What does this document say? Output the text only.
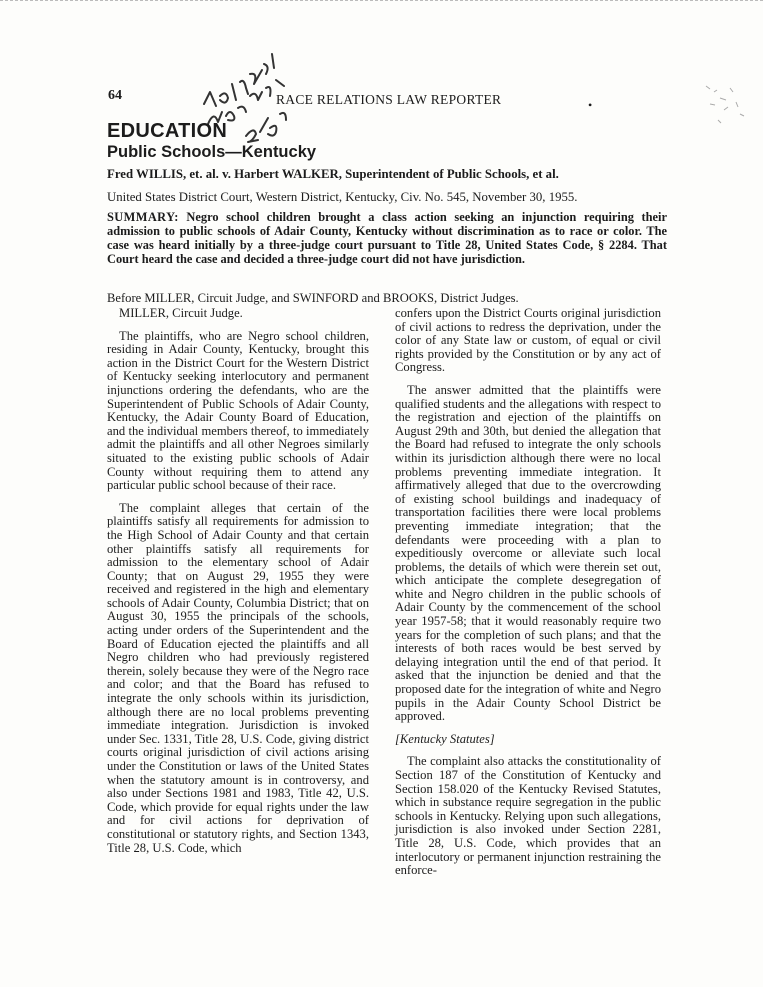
64	RACE RELATIONS LAW REPORTER	•
EDUCATION
Public Schools—Kentucky
Fred WILLIS, et. al. v. Harbert WALKER, Superintendent of Public Schools, et al.
United States District Court, Western District, Kentucky, Civ. No. 545, November 30, 1955.
SUMMARY: Negro school children brought a class action seeking an injunction requiring their admission to public schools of Adair County, Kentucky without discrimination as to race or color. The case was heard initially by a three-judge court pursuant to Title 28, United States Code, § 2284. That Court heard the case and decided a three-judge court did not have jurisdiction.
Before MILLER, Circuit Judge, and SWINFORD and BROOKS, District Judges.

MILLER, Circuit Judge.

The plaintiffs, who are Negro school children, residing in Adair County, Kentucky, brought this action in the District Court for the Western District of Kentucky seeking interlocutory and permanent injunctions ordering the defendants, who are the Superintendent of Public Schools of Adair County, Kentucky, the Adair County Board of Education, and the individual members thereof, to immediately admit the plaintiffs and all other Negroes similarly situated to the existing public schools of Adair County without requiring them to attend any particular public school because of their race.

The complaint alleges that certain of the plaintiffs satisfy all requirements for admission to the High School of Adair County and that certain other plaintiffs satisfy all requirements for admission to the elementary school of Adair County; that on August 29, 1955 they were received and registered in the high and elementary schools of Adair County, Columbia District; that on August 30, 1955 the principals of the schools, acting under orders of the Superintendent and the Board of Education ejected the plaintiffs and all Negro children who had previously registered therein, solely because they were of the Negro race and color; and that the Board has refused to integrate the only schools within its jurisdiction, although there are no local problems preventing immediate integration. Jurisdiction is invoked under Sec. 1331, Title 28, U.S. Code, giving district courts original jurisdiction of civil actions arising under the Constitution or laws of the United States when the statutory amount is in controversy, and also under Sections 1981 and 1983, Title 42, U.S. Code, which provide for equal rights under the law and for civil actions for deprivation of constitutional or statutory rights, and Section 1343, Title 28, U.S. Code, which

confers upon the District Courts original jurisdiction of civil actions to redress the deprivation, under the color of any State law or custom, of equal or civil rights provided by the Constitution or by any act of Congress.

The answer admitted that the plaintiffs were qualified students and the allegations with respect to the registration and ejection of the plaintiffs on August 29th and 30th, but denied the allegation that the Board had refused to integrate the only schools within its jurisdiction although there were no local problems preventing immediate integration. It affirmatively alleged that due to the overcrowding of existing school buildings and inadequacy of transportation facilities there were local problems preventing immediate integration; that the defendants were proceeding with a plan to expeditiously overcome or alleviate such local problems, the details of which were therein set out, which anticipate the complete desegregation of white and Negro children in the public schools of Adair County by the commencement of the school year 1957-58; that it would reasonably require two years for the completion of such plans; and that the interests of both races would be best served by delaying integration until the end of that period. It asked that the injunction be denied and that the proposed date for the integration of white and Negro pupils in the Adair County School District be approved.

[Kentucky Statutes]

The complaint also attacks the constitutionality of Section 187 of the Constitution of Kentucky and Section 158.020 of the Kentucky Revised Statutes, which in substance require segregation in the public schools in Kentucky. Relying upon such allegations, jurisdiction is also invoked under Section 2281, Title 28, U.S. Code, which provides that an interlocutory or permanent injunction restraining the enforce-
